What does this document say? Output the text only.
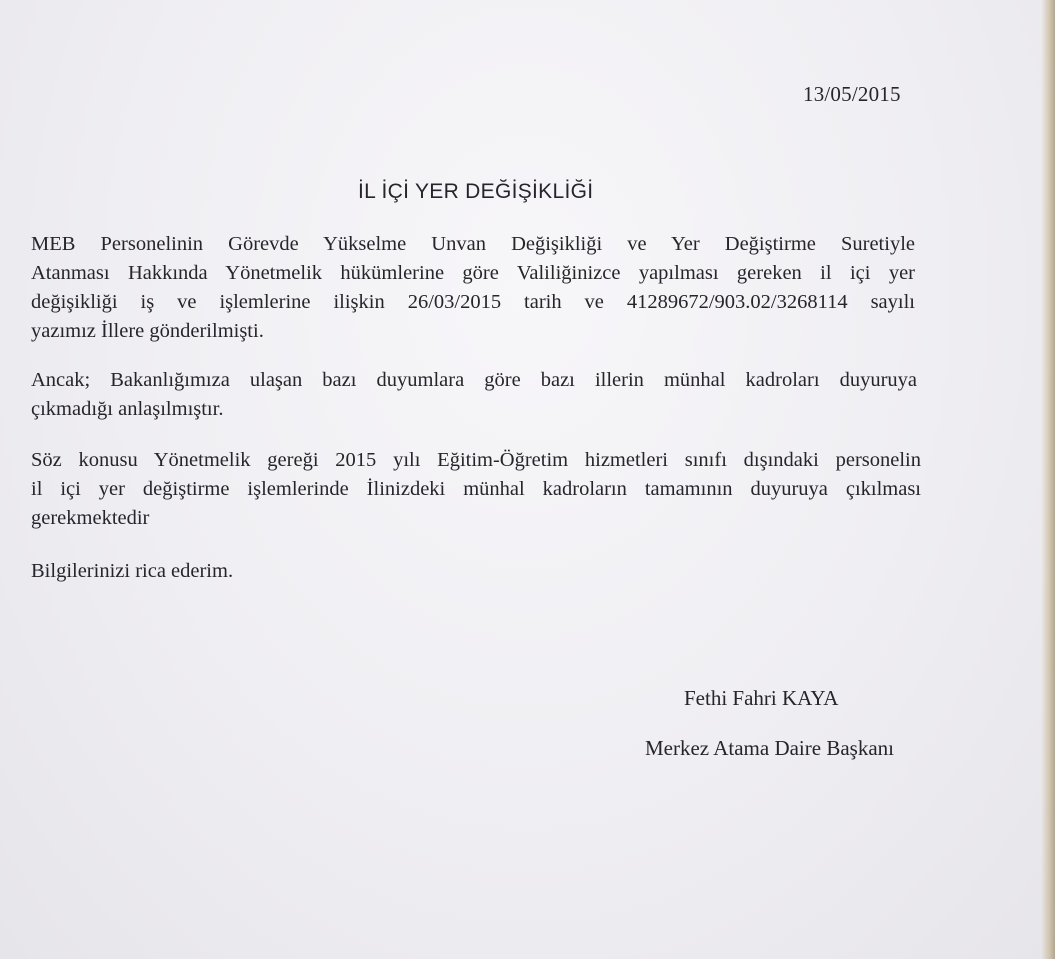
13/05/2015
İL İÇİ YER DEĞİŞİKLİĞİ
MEB Personelinin Görevde Yükselme Unvan Değişikliği ve Yer Değiştirme Suretiyle
Atanması Hakkında Yönetmelik hükümlerine göre Valiliğinizce yapılması gereken il içi yer
değişikliği iş ve işlemlerine ilişkin 26/03/2015 tarih ve 41289672/903.02/3268114 sayılı
yazımız İllere gönderilmişti.
Ancak; Bakanlığımıza ulaşan bazı duyumlara göre bazı illerin münhal kadroları duyuruya
çıkmadığı anlaşılmıştır.
Söz konusu Yönetmelik gereği 2015 yılı Eğitim-Öğretim hizmetleri sınıfı dışındaki personelin
il içi yer değiştirme işlemlerinde İlinizdeki münhal kadroların tamamının duyuruya çıkılması
gerekmektedir
Bilgilerinizi rica ederim.
Fethi Fahri KAYA
Merkez Atama Daire Başkanı
